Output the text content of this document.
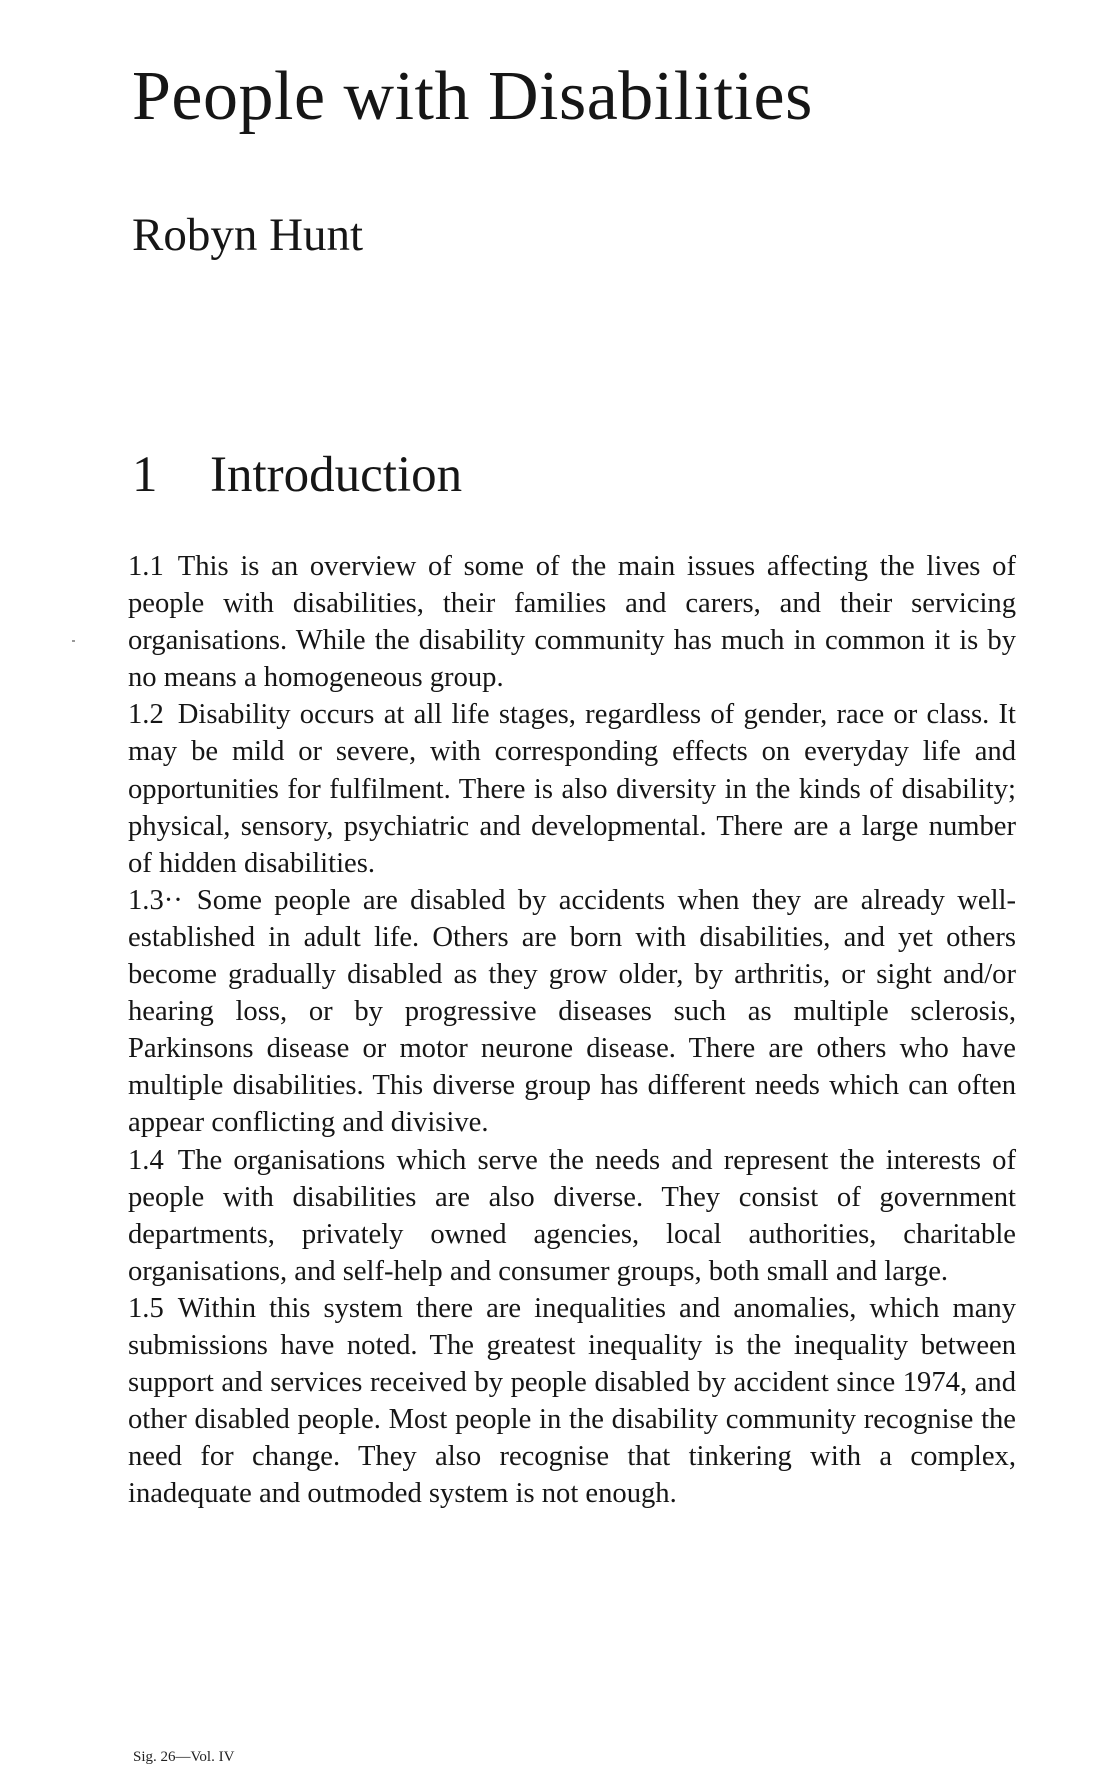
People with Disabilities
Robyn Hunt
1 Introduction

1.1 This is an overview of some of the main issues affecting the lives of people with disabilities, their families and carers, and their servicing organisations. While the disability community has much in common it is by no means a homogeneous group.

1.2 Disability occurs at all life stages, regardless of gender, race or class. It may be mild or severe, with corresponding effects on everyday life and opportunities for fulfilment. There is also diversity in the kinds of disability; physical, sensory, psychiatric and developmental. There are a large number of hidden disabilities.

1.3·· Some people are disabled by accidents when they are already well-established in adult life. Others are born with disabilities, and yet others become gradually disabled as they grow older, by arthritis, or sight and/or hearing loss, or by progressive diseases such as multiple sclerosis, Parkinsons disease or motor neurone disease. There are others who have multiple disabilities. This diverse group has different needs which can often appear conflicting and divisive.

1.4 The organisations which serve the needs and represent the interests of people with disabilities are also diverse. They consist of government departments, privately owned agencies, local authorities, charitable organisations, and self-help and consumer groups, both small and large.

1.5 Within this system there are inequalities and anomalies, which many submissions have noted. The greatest inequality is the inequality between support and services received by people disabled by accident since 1974, and other disabled people. Most people in the disability community recognise the need for change. They also recognise that tinkering with a complex, inadequate and outmoded system is not enough.

Sig. 26—Vol. IV
